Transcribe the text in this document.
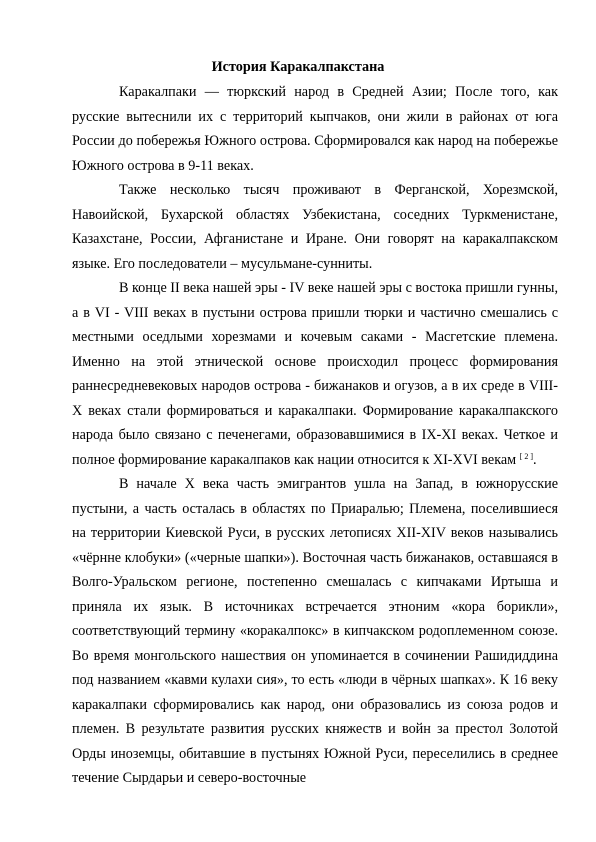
История Каракалпакстана

Каракалпаки — тюркский народ в Средней Азии; После того, как русские вытеснили их с территорий кыпчаков, они жили в районах от юга России до побережья Южного острова. Сформировался как народ на побережье Южного острова в 9-11 веках.

Также несколько тысяч проживают в Ферганской, Хорезмской, Навоийской, Бухарской областях Узбекистана, соседних Туркменистане, Казахстане, России, Афганистане и Иране. Они говорят на каракалпакском языке. Его последователи – мусульмане-сунниты.

В конце II века нашей эры - IV веке нашей эры с востока пришли гунны, а в VI - VIII веках в пустыни острова пришли тюрки и частично смешались с местными оседлыми хорезмами и кочевым саками - Масгетские племена. Именно на этой этнической основе происходил процесс формирования раннесредневековых народов острова - бижанаков и огузов, а в их среде в VIII-X веках стали формироваться и каракалпаки. Формирование каракалпакского народа было связано с печенегами, образовавшимися в IX-XI веках. Четкое и полное формирование каракалпаков как нации относится к XI-XVI векам [ 2 ].

В начале X века часть эмигрантов ушла на Запад, в южнорусские пустыни, а часть осталась в областях по Приаралью; Племена, поселившиеся на территории Киевской Руси, в русских летописях XII-XIV веков назывались «чёрнне клобуки» («черные шапки»). Восточная часть бижанаков, оставшаяся в Волго-Уральском регионе, постепенно смешалась с кипчаками Иртыша и приняла их язык. В источниках встречается этноним «кора борикли», соответствующий термину «коракалпокс» в кипчакском родоплеменном союзе. Во время монгольского нашествия он упоминается в сочинении Рашидиддина под названием «кавми кулахи сия», то есть «люди в чёрных шапках». К 16 веку каракалпаки сформировались как народ, они образовались из союза родов и племен. В результате развития русских княжеств и войн за престол Золотой Орды иноземцы, обитавшие в пустынях Южной Руси, переселились в среднее течение Сырдарьи и северо-восточные
